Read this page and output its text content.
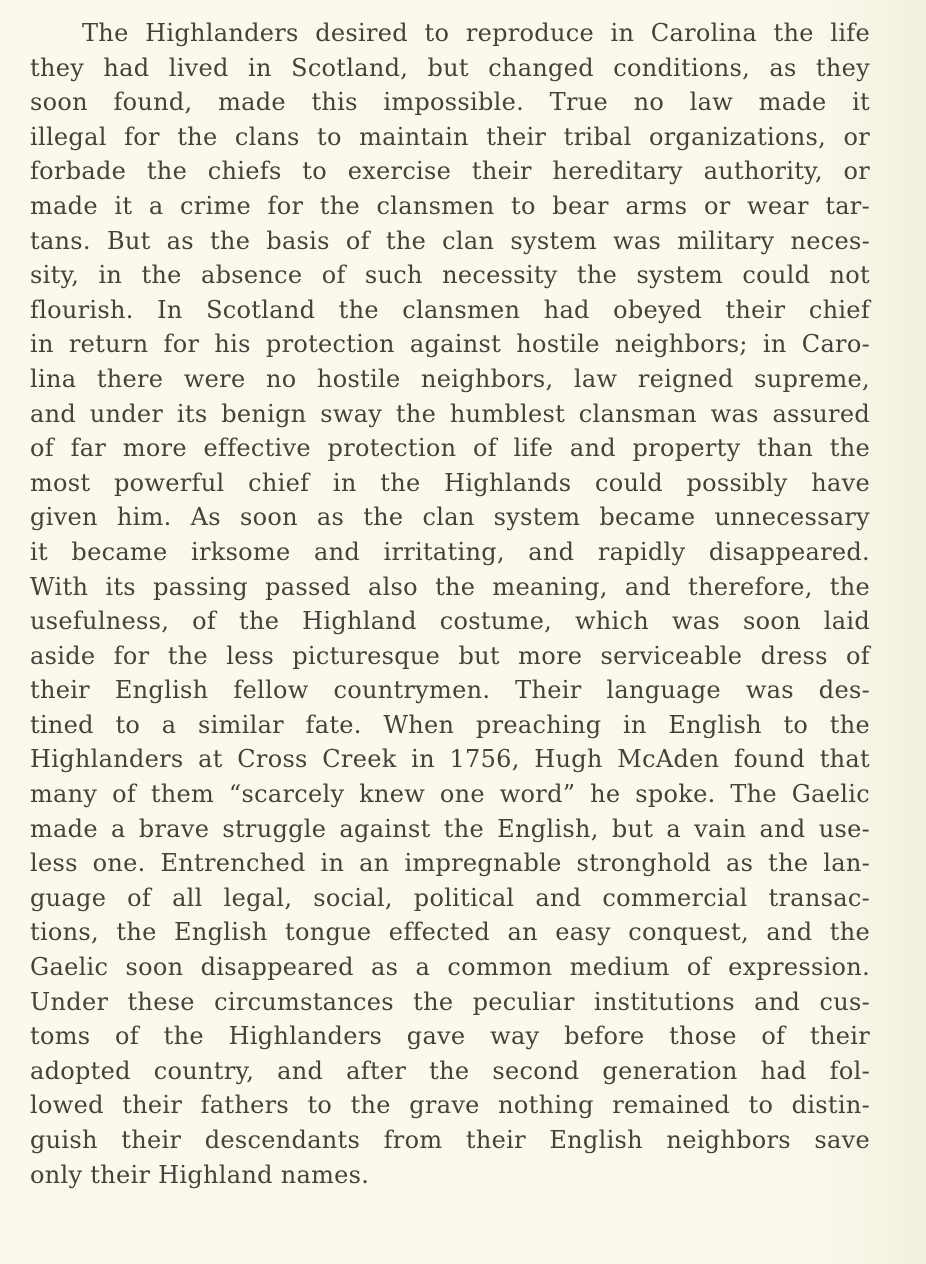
The Highlanders desired to reproduce in Carolina the life
they had lived in Scotland, but changed conditions, as they
soon found, made this impossible. True no law made it
illegal for the clans to maintain their tribal organizations, or
forbade the chiefs to exercise their hereditary authority, or
made it a crime for the clansmen to bear arms or wear tar-
tans. But as the basis of the clan system was military neces-
sity, in the absence of such necessity the system could not
flourish. In Scotland the clansmen had obeyed their chief
in return for his protection against hostile neighbors; in Caro-
lina there were no hostile neighbors, law reigned supreme,
and under its benign sway the humblest clansman was assured
of far more effective protection of life and property than the
most powerful chief in the Highlands could possibly have
given him. As soon as the clan system became unnecessary
it became irksome and irritating, and rapidly disappeared.
With its passing passed also the meaning, and therefore, the
usefulness, of the Highland costume, which was soon laid
aside for the less picturesque but more serviceable dress of
their English fellow countrymen. Their language was des-
tined to a similar fate. When preaching in English to the
Highlanders at Cross Creek in 1756, Hugh McAden found that
many of them “scarcely knew one word” he spoke. The Gaelic
made a brave struggle against the English, but a vain and use-
less one. Entrenched in an impregnable stronghold as the lan-
guage of all legal, social, political and commercial transac-
tions, the English tongue effected an easy conquest, and the
Gaelic soon disappeared as a common medium of expression.
Under these circumstances the peculiar institutions and cus-
toms of the Highlanders gave way before those of their
adopted country, and after the second generation had fol-
lowed their fathers to the grave nothing remained to distin-
guish their descendants from their English neighbors save
only their Highland names.
